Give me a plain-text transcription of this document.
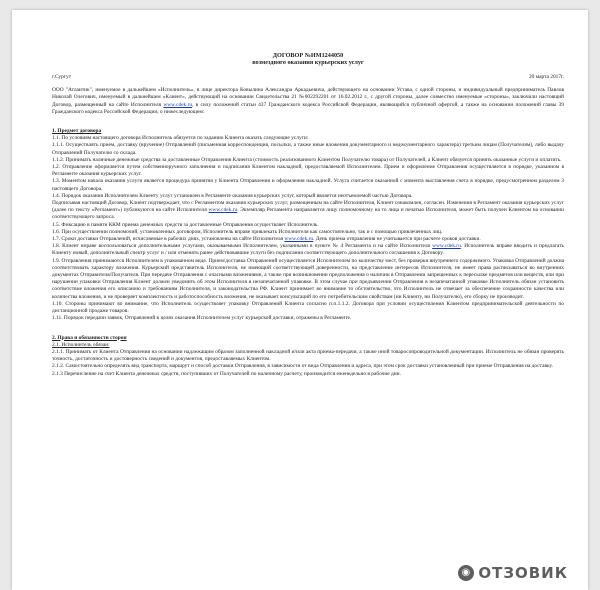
ДОГОВОР №ИМ1244050
возмездного оказания курьерских услуг
г.Сургут	20 марта 2017г.

ООО "Атлантик", именуемое в дальнейшем «Исполнитель», в лице директора Ковылина Александра Аркадьевича, действующего на основании Устава, с одной стороны, и индивидуальный предприниматель Павлов Николай Олегович, именуемый в дальнейшем «Клиент», действующий на основании Свидетельства 21 №002292201 от 16.02.2012 г., с другой стороны, далее совместно именуемые «стороны», заключили настоящий Договор, размещенный на сайте Исполнителя www.cdek.ru, в силу положений статьи 437 Гражданского кодекса Российской Федерации, являющийся публичной офертой, а также на основании положений главы 39 Гражданского кодекса Российской Федерации, о нижеследующем:

1. Предмет договора

1.1. По условиям настоящего договора Исполнитель обязуется по заданию Клиента оказать следующие услуги:

1.1.1. Осуществлять прием, доставку (вручение) Отправлений (письменная корреспонденция, посылки, а также иные вложения документарного и недокументарного характера) третьим лицам (Получателям), либо выдачу Отправлений Получателю со склада.

1.1.2. Принимать наличные денежные средства за доставленные Отправления Клиента (стоимость реализованного Клиентом Получателю товара) от Получателей, а Клиент обязуется принять оказанные услуги и оплатить.

1.2. Отправление оформляется путем собственноручного заполнения и подписания Клиентом накладной, предоставляемой Исполнителем. Прием и оформление Отправления осуществляется в порядке, указанном в Регламенте оказания курьерских услуг.

1.3. Моментом начала оказания услуги является процедура принятия у Клиента Отправления и оформления накладной. Услуга считается оказанной с момента выставления счета в порядке, предусмотренном разделом 3 настоящего Договора.

1.4. Порядок оказания Исполнителем Клиенту услуг установлен в Регламенте оказания курьерских услуг, который является неотъемлемой частью Договора.

Подписывая настоящий Договор, Клиент подтверждает, что с Регламентом оказания курьерских услуг, размещенным на сайте Исполнителя, Клиент ознакомлен, согласен. Изменения в Регламент оказания курьерских услуг (далее по тексту «Регламент») публикуются на сайте Исполнителя www.cdek.ru. Экземпляр Регламента направляется лицу полномочному на то лица и печатью Исполнителя, может быть получен Клиентом на основании соответствующего запроса.

1.5. Фиксацию в памяти ККМ приема денежных средств за доставленные Отправления осуществляет Исполнитель.

1.6. При осуществлении полномочий, установленных договором, Исполнитель вправе привлекать Исполнителя как самостоятельно, так и с помощью привлеченных лиц.

1.7. Сроки доставки Отправлений, исчисляемые в рабочих днях, установлены на сайте Исполнителя www.cdek.ru. День приема отправления не учитывается при расчете сроков доставки.

1.8. Клиент вправе воспользоваться дополнительными услугами, оказываемыми Исполнителем, указанными в пункте № 4 Регламента и на сайте Исполнителя www.cdek.ru. Исполнитель вправе вводить и предлагать Клиенту новый, дополнительный спектр услуг и / или отменять ранее действовавшие услуги без подписания соответствующего дополнительного соглашения к Договору.

1.9. Отправления принимаются Исполнителем в упакованном виде. Прием/доставка Отправлений осуществляется Исполнителем по количеству мест, без проверки внутреннего содержимого. Упаковка Отправлений должна соответствовать характеру вложения. Курьерский представитель Исполнителя, не имеющий соответствующей доверенности, на представление интересов Исполнителя, не имеет права расписываться во внутренних документах Отправителя/Получателя. При передаче Отправления с опасными вложениями, а также при возникновении предположения о наличии в Отправлении запрещенных к пересылке предметов или веществ, или при нарушении упаковки Отправления Клиент должен уведомить об этом Исполнителя в незапечатанной упаковке. В этом случае при предъявлении Отправления в незапечатанной упаковке Исполнитель обязан установить соответствие вложения его описанию и требованиям Исполнителя, и законодательства РФ. Клиент принимает во внимание то обстоятельство, что Исполнитель не отвечает за обеспечение сохранности качества или количества вложения, и не проверяет комплектность и работоспособность вложения, не оказывает консультаций по его потребительским свойствам (ни Клиенту, ни Получателю), его сборку не производит.

1.10. Стороны принимают во внимание, что Исполнитель осуществляет упаковку Отправлений Клиента согласно п.п.1.1.2. Договора при условии осуществления Клиентом предпринимательской деятельности по дистанционной продаже товаров.

1.11. Порядок передачи заявок, Отправлений в целях оказания Исполнителем услуг курьерской доставки, отражены в Регламенте.

2. Права и обязанности сторон

2.1. Исполнитель обязан:

2.1.1. Принимать от Клиента Отправления на основании надлежащим образом заполненной накладной и/или акта приема-передачи, а также иной товаросопроводительной документации. Исполнитель не обязан проверять точность, достаточность и достоверность сведений и документов, предоставляемых Клиентом.

2.1.2. Самостоятельно определять вид транспорта, маршрут и способ доставки Отправления, в зависимости от вида Отправления и адреса, при этом срок доставки установленный при приеме Отправления на доставку.

2.1.3 Перечисление на счет Клиента денежных средств, поступивших от Получателей по наличному расчету, производится еженедельно в рабочие дни.

◉ ОТЗОВИК
